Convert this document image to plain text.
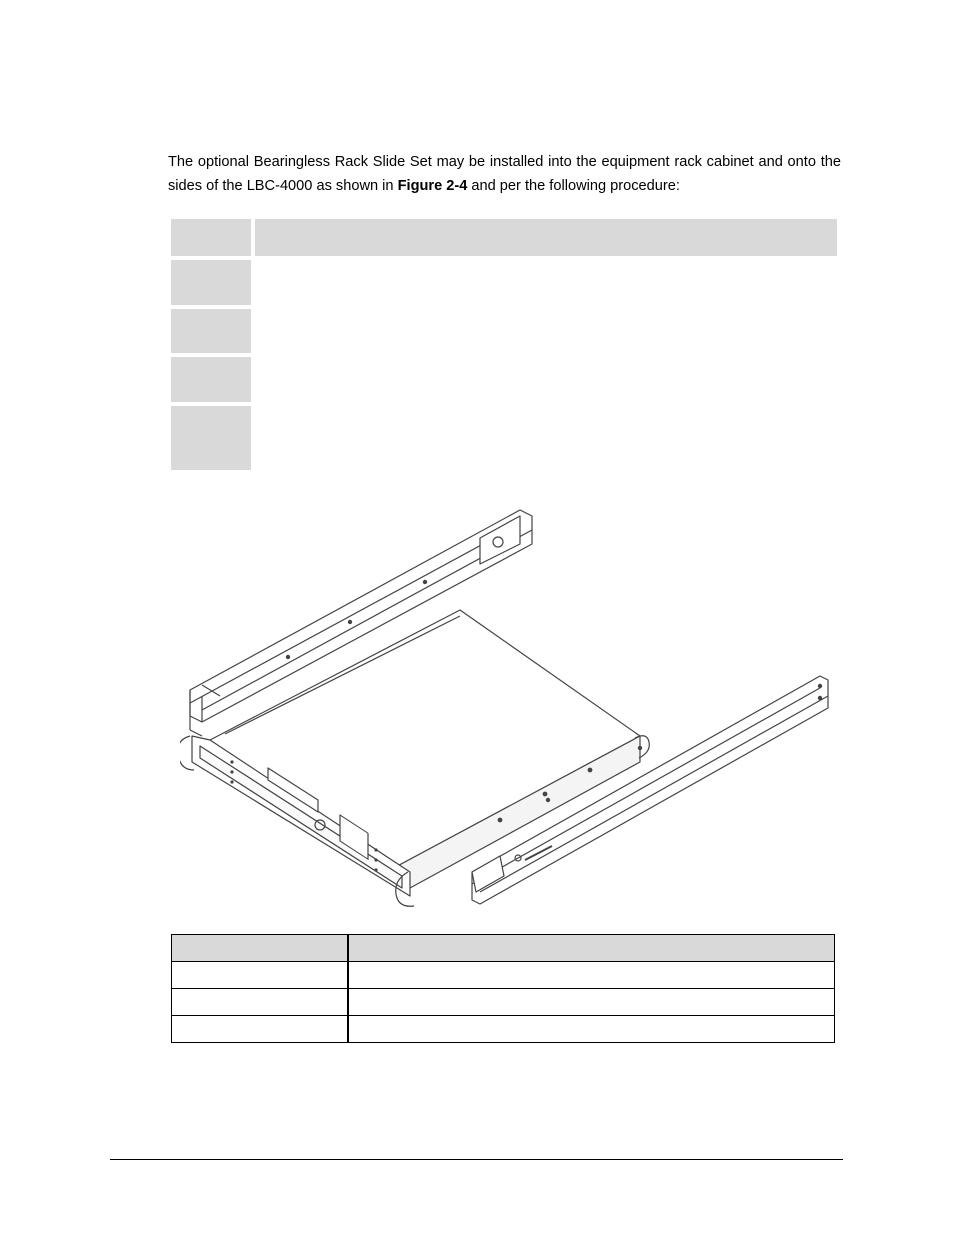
The optional Bearingless Rack Slide Set may be installed into the equipment rack cabinet and onto the sides of the LBC-4000 as shown in Figure 2-4 and per the following procedure:
